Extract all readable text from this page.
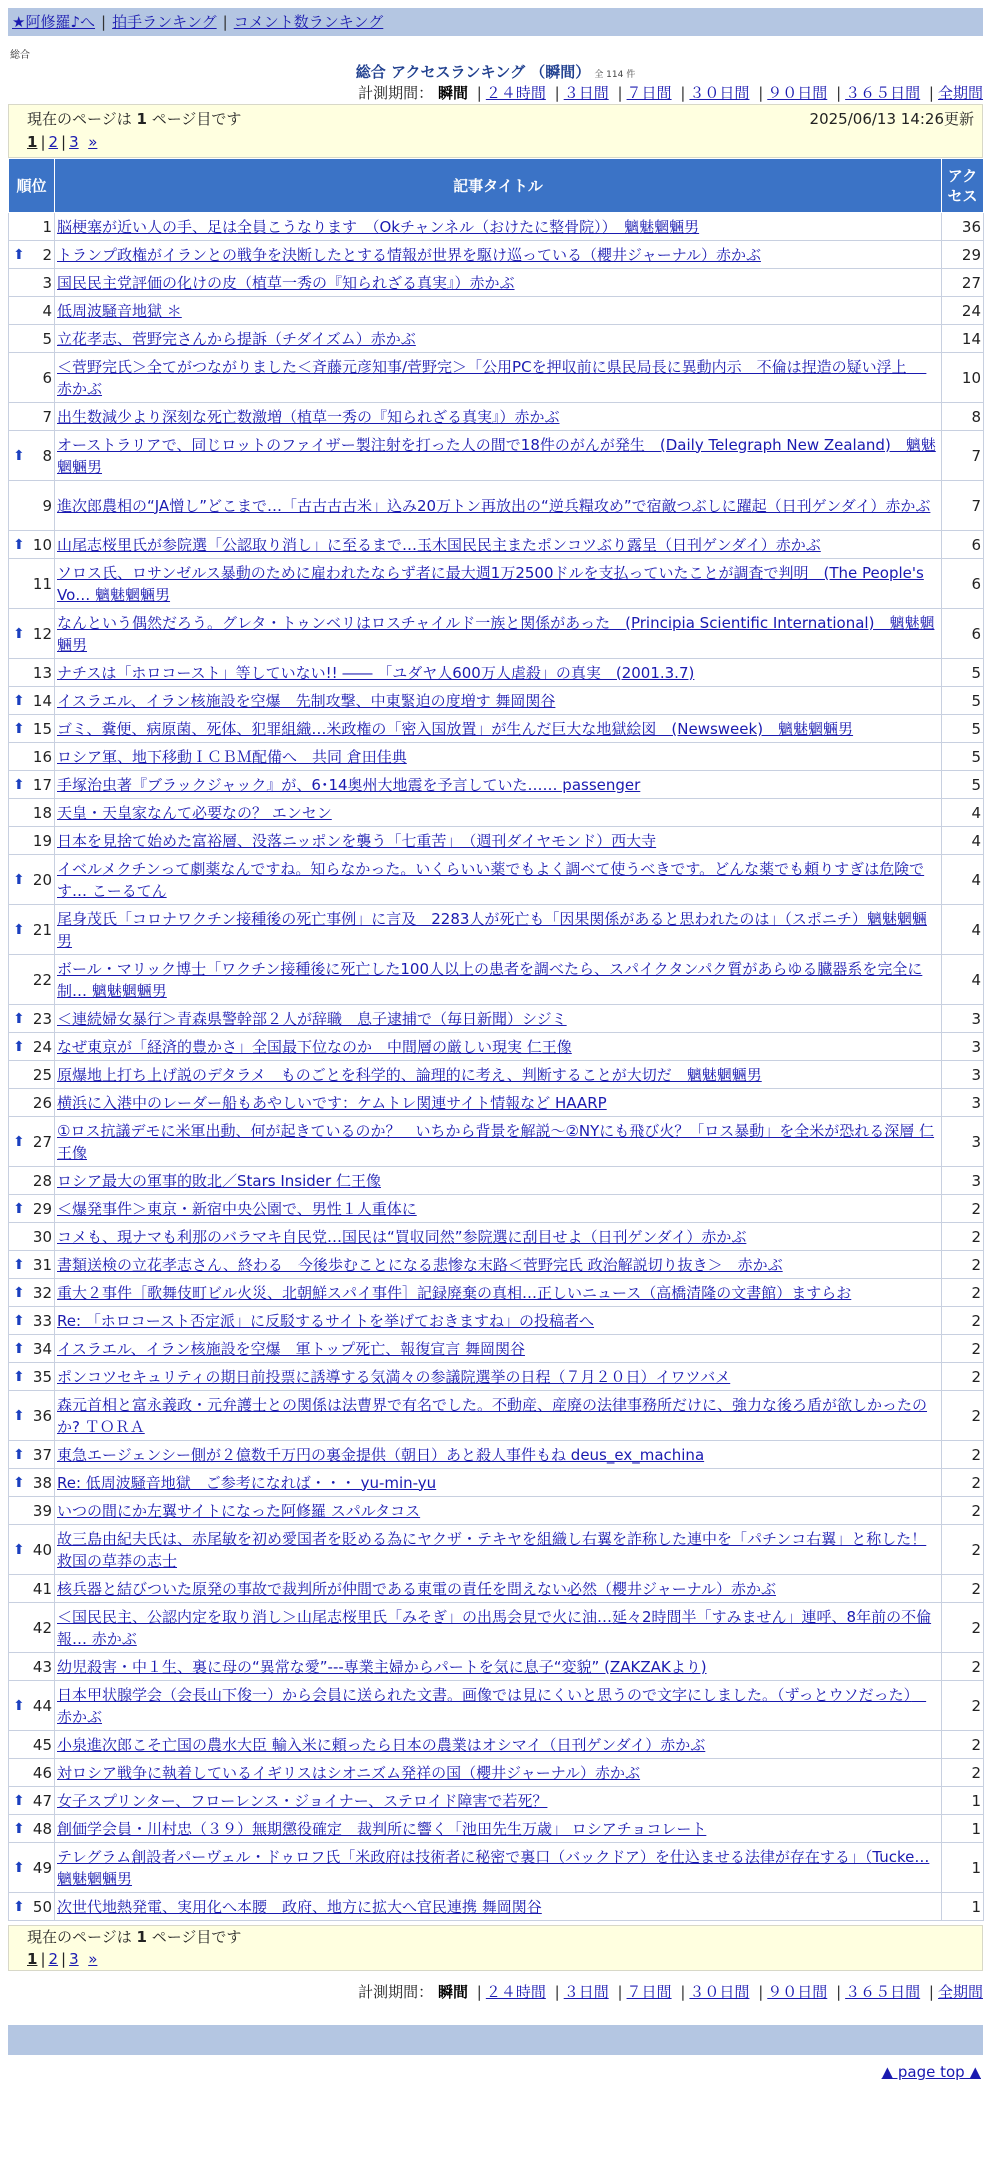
★阿修羅♪へ | 拍手ランキング | コメント数ランキング
総合
総合 アクセスランキング （瞬間） 全 114 件
計測期間： 瞬間 | ２４時間 | ３日間 | ７日間 | ３０日間 | ９０日間 | ３６５日間 | 全期間
現在のページは 1 ページ目です	2025/06/13 14:26更新
1 | 2 | 3 »
順位	記事タイトル	アクセス
1	脳梗塞が近い人の手、足は全員こうなります　（Okチャンネル（おけたに整骨院））　魑魅魍魎男	36

⬆ 2	トランプ政権がイランとの戦争を決断したとする情報が世界を駆け巡っている（櫻井ジャーナル）赤かぶ	29
3	国民民主党評価の化けの皮（植草一秀の『知られざる真実』）赤かぶ	27
4	低周波騒音地獄 ＊	24
5	立花孝志、菅野完さんから提訴（チダイズム）赤かぶ	14
6	＜菅野完氏＞全てがつながりました＜斉藤元彦知事/菅野完＞「公用PCを押収前に県民局長に異動内示　不倫は捏造の疑い浮上　 赤かぶ	10
7	出生数減少より深刻な死亡数激増（植草一秀の『知られざる真実』）赤かぶ	8

⬆ 8	オーストラリアで、同じロットのファイザー製注射を打った人の間で18件のがんが発生　(Daily Telegraph New Zealand)　魑魅魍魎男	7
9	進次郎農相の“JA憎し”どこまで…「古古古古米」込み20万トン再放出の“逆兵糧攻め”で宿敵つぶしに躍起（日刊ゲンダイ）赤かぶ	7

⬆ 10	山尾志桜里氏が参院選「公認取り消し」に至るまで…玉木国民民主またポンコツぶり露呈（日刊ゲンダイ）赤かぶ	6
11	ソロス氏、ロサンゼルス暴動のために雇われたならず者に最大週1万2500ドルを支払っていたことが調査で判明　(The People's Vo… 魑魅魍魎男	6

⬆ 12	なんという偶然だろう。グレタ・トゥンベリはロスチャイルド一族と関係があった　(Principia Scientific International)　魑魅魍魎男	6
13	ナチスは「ホロコースト」等していない!! ―― 「ユダヤ人600万人虐殺」の真実　(2001.3.7)	5

⬆ 14	イスラエル、イラン核施設を空爆　先制攻撃、中東緊迫の度増す 舞岡関谷	5

⬆ 15	ゴミ、糞便、病原菌、死体、犯罪組織…米政権の「密入国放置」が生んだ巨大な地獄絵図　(Newsweek)　魑魅魍魎男	5
16	ロシア軍、地下移動ＩＣＢＭ配備へ　共同 倉田佳典	5

⬆ 17	手塚治虫著『ブラックジャック』が、6･14奥州大地震を予言していた…… passenger	5
18	天皇・天皇家なんて必要なの？ エンセン	4
19	日本を見捨て始めた富裕層、没落ニッポンを襲う「七重苦」　（週刊ダイヤモンド）西大寺	4

⬆ 20	イベルメクチンって劇薬なんですね。知らなかった。いくらいい薬でもよく調べて使うべきです。どんな薬でも頼りすぎは危険です… こーるてん	4

⬆ 21	尾身茂氏「コロナワクチン接種後の死亡事例」に言及　2283人が死亡も「因果関係があると思われたのは」（スポニチ）魑魅魍魎男	4
22	ボール・マリック博士「ワクチン接種後に死亡した100人以上の患者を調べたら、スパイクタンパク質があらゆる臓器系を完全に制… 魑魅魍魎男	4

⬆ 23	＜連続婦女暴行＞青森県警幹部２人が辞職　息子逮捕で（毎日新聞）シジミ	3

⬆ 24	なぜ東京が「経済的豊かさ」全国最下位なのか　中間層の厳しい現実 仁王像	3
25	原爆地上打ち上げ説のデタラメ　ものごとを科学的、論理的に考え、判断することが大切だ　魑魅魍魎男	3
26	横浜に入港中のレーダー船もあやしいです：ケムトレ関連サイト情報など HAARP	3

⬆ 27	①ロス抗議デモに米軍出動、何が起きているのか？　いちから背景を解説～②NYにも飛び火？「ロス暴動」を全米が恐れる深層 仁王像	3
28	ロシア最大の軍事的敗北／Stars Insider 仁王像	3

⬆ 29	＜爆発事件＞東京・新宿中央公園で、男性１人重体に	2
30	コメも、現ナマも利那のバラマキ自民党…国民は“買収同然”参院選に刮目せよ（日刊ゲンダイ）赤かぶ	2

⬆ 31	書類送検の立花孝志さん、終わる　今後歩むことになる悲惨な末路＜菅野完氏 政治解説切り抜き＞　赤かぶ	2

⬆ 32	重大２事件［歌舞伎町ビル火災、北朝鮮スパイ事件］記録廃棄の真相…正しいニュース（高橋清隆の文書館）ますらお	2

⬆ 33	Re: 「ホロコースト否定派」に反駁するサイトを挙げておきますね」の投稿者へ	2

⬆ 34	イスラエル、イラン核施設を空爆　軍トップ死亡、報復宣言 舞岡関谷	2

⬆ 35	ポンコツセキュリティの期日前投票に誘導する気満々の参議院選挙の日程（７月２０日）イワツバメ	2

⬆ 36	森元首相と富永義政・元弁護士との関係は法曹界で有名でした。不動産、産廃の法律事務所だけに、強力な後ろ盾が欲しかったのか? ＴＯＲＡ	2

⬆ 37	東急エージェンシー側が２億数千万円の裏金提供（朝日）あと殺人事件もね deus_ex_machina	2

⬆ 38	Re: 低周波騒音地獄　ご参考になれば・・・ yu-min-yu	2
39	いつの間にか左翼サイトになった阿修羅 スパルタコス	2

⬆ 40	故三島由紀夫氏は、赤尾敏を初め愛国者を貶める為にヤクザ・テキヤを組織し右翼を詐称した連中を「パチンコ右翼」と称した！ 救国の草莽の志士	2
41	核兵器と結びついた原発の事故で裁判所が仲間である東電の責任を問えない必然（櫻井ジャーナル）赤かぶ	2
42	＜国民民主、公認内定を取り消し＞山尾志桜里氏「みそぎ」の出馬会見で火に油…延々2時間半「すみません」連呼、8年前の不倫報… 赤かぶ	2
43	幼児殺害・中１生、裏に母の“異常な愛”---専業主婦からパートを気に息子“変貌” (ZAKZAKより)	2

⬆ 44	日本甲状腺学会（会長山下俊一）から会員に送られた文書。画像では見にくいと思うので文字にしました。（ずっとウソだった）　赤かぶ	2
45	小泉進次郎こそ亡国の農水大臣 輸入米に頼ったら日本の農業はオシマイ（日刊ゲンダイ）赤かぶ	2
46	対ロシア戦争に執着しているイギリスはシオニズム発祥の国（櫻井ジャーナル）赤かぶ	2

⬆ 47	女子スプリンター、フローレンス・ジョイナー、ステロイド障害で若死？	1

⬆ 48	創価学会員・川村忠（３９）無期懲役確定　裁判所に響く「池田先生万歳」 ロシアチョコレート	1

⬆ 49	テレグラム創設者パーヴェル・ドゥロフ氏「米政府は技術者に秘密で裏口（バックドア）を仕込ませる法律が存在する」（Tucke… 魑魅魍魎男	1

⬆ 50	次世代地熱発電、実用化へ本腰　政府、地方に拡大へ官民連携 舞岡関谷	1
現在のページは 1 ページ目です
1 | 2 | 3 »
計測期間： 瞬間 | ２４時間 | ３日間 | ７日間 | ３０日間 | ９０日間 | ３６５日間 | 全期間
▲ page top ▲
